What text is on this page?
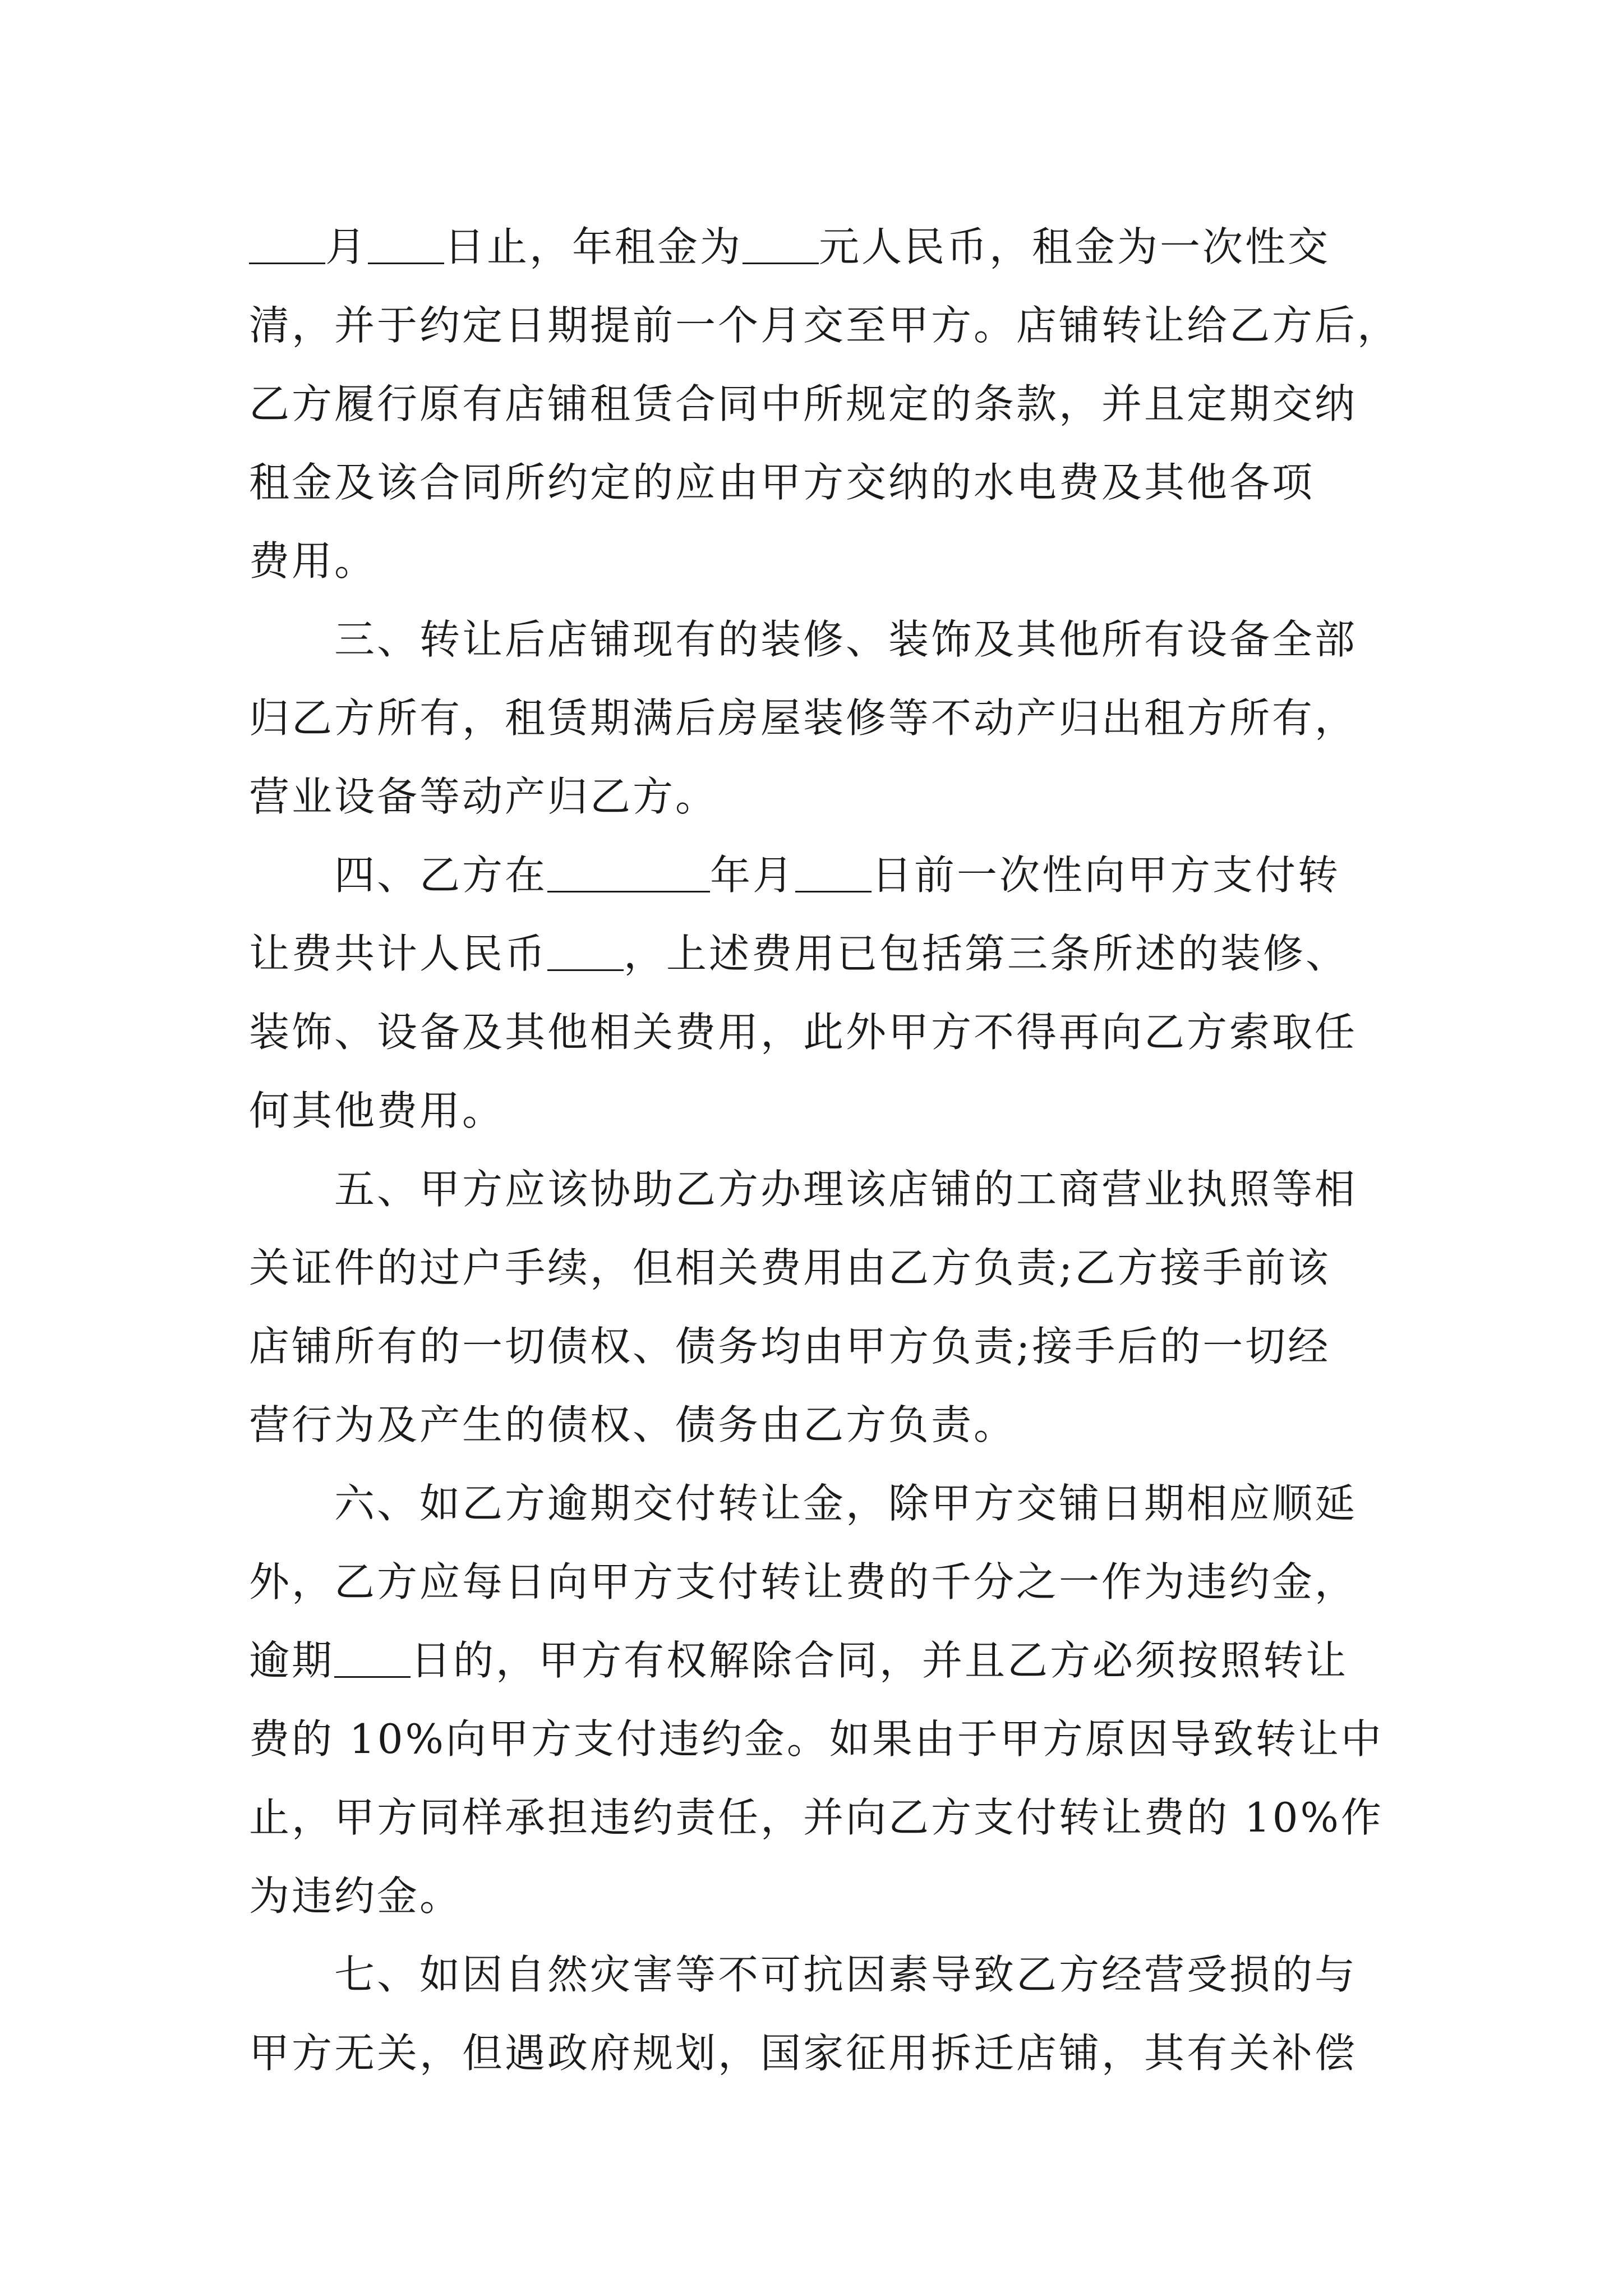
月 日止，年租金为 元人民币，租金为一次性交
清，并于约定日期提前一个月交至甲方。店铺转让给乙方后，
乙方履行原有店铺租赁合同中所规定的条款，并且定期交纳
租金及该合同所约定的应由甲方交纳的水电费及其他各项
费用。
三、转让后店铺现有的装修、装饰及其他所有设备全部
归乙方所有，租赁期满后房屋装修等不动产归出租方所有，
营业设备等动产归乙方。
四、乙方在	年月 日前一次性向甲方支付转
让费共计人民币 ，上述费用已包括第三条所述的装修、
装饰、设备及其他相关费用，此外甲方不得再向乙方索取任
何其他费用。
五、甲方应该协助乙方办理该店铺的工商营业执照等相
关证件的过户手续，但相关费用由乙方负责;乙方接手前该
店铺所有的一切债权、债务均由甲方负责;接手后的一切经
营行为及产生的债权、债务由乙方负责。
六、如乙方逾期交付转让金，除甲方交铺日期相应顺延
外，乙方应每日向甲方支付转让费的千分之一作为违约金，
逾期 日的，甲方有权解除合同，并且乙方必须按照转让
费的 10%向甲方支付违约金。如果由于甲方原因导致转让中
止，甲方同样承担违约责任，并向乙方支付转让费的 10%作
为违约金。
七、如因自然灾害等不可抗因素导致乙方经营受损的与
甲方无关，但遇政府规划，国家征用拆迁店铺，其有关补偿
